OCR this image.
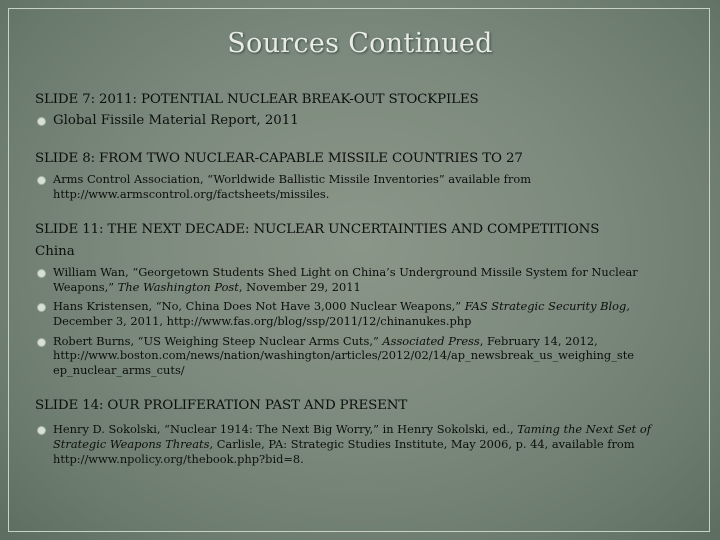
Sources Continued
SLIDE 7: 2011: POTENTIAL NUCLEAR BREAK-OUT STOCKPILES
Global Fissile Material Report, 2011
SLIDE 8: FROM TWO NUCLEAR-CAPABLE MISSILE COUNTRIES TO 27
Arms Control Association, “Worldwide Ballistic Missile Inventories” available from
http://www.armscontrol.org/factsheets/missiles.
SLIDE 11: THE NEXT DECADE: NUCLEAR UNCERTAINTIES AND COMPETITIONS
China
William Wan, “Georgetown Students Shed Light on China’s Underground Missile System for Nuclear
Weapons,” The Washington Post, November 29, 2011
Hans Kristensen, “No, China Does Not Have 3,000 Nuclear Weapons,” FAS Strategic Security Blog,
December 3, 2011, http://www.fas.org/blog/ssp/2011/12/chinanukes.php
Robert Burns, “US Weighing Steep Nuclear Arms Cuts,” Associated Press, February 14, 2012,
http://www.boston.com/news/nation/washington/articles/2012/02/14/ap_newsbreak_us_weighing_ste
ep_nuclear_arms_cuts/
SLIDE 14: OUR PROLIFERATION PAST AND PRESENT
Henry D. Sokolski, “Nuclear 1914: The Next Big Worry,” in Henry Sokolski, ed., Taming the Next Set of
Strategic Weapons Threats, Carlisle, PA: Strategic Studies Institute, May 2006, p. 44, available from
http://www.npolicy.org/thebook.php?bid=8.
